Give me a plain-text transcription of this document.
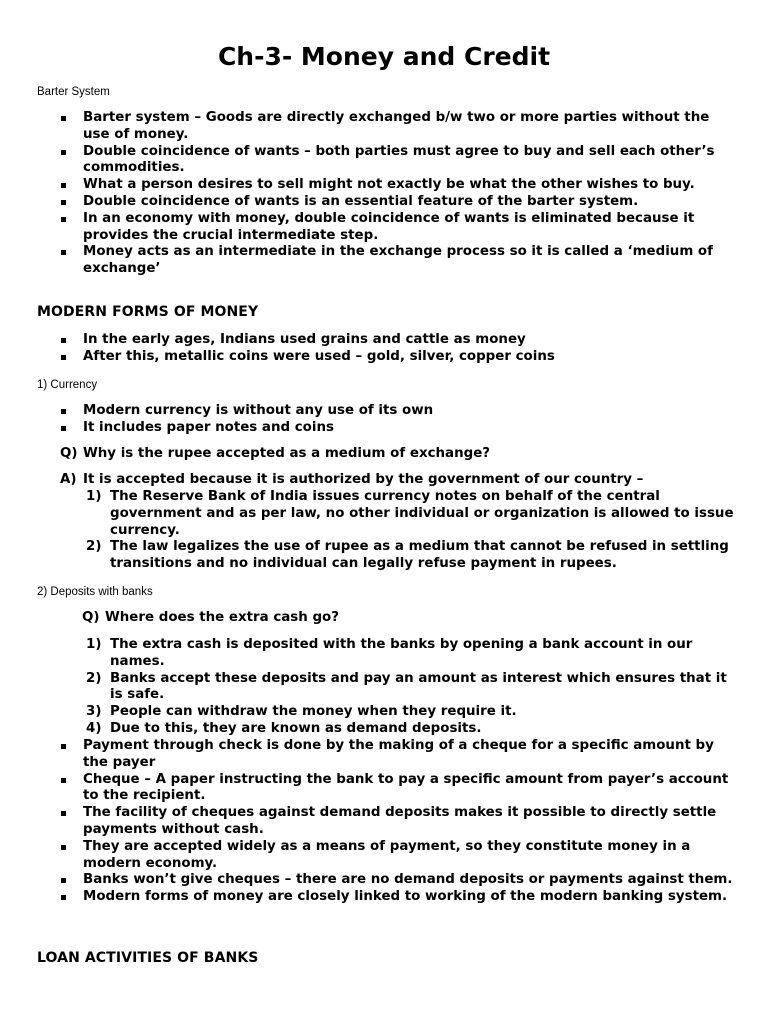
Ch-3- Money and Credit

Barter System

Barter system – Goods are directly exchanged b/w two or more parties without the use of money.
Double coincidence of wants – both parties must agree to buy and sell each other’s commodities.
What a person desires to sell might not exactly be what the other wishes to buy.
Double coincidence of wants is an essential feature of the barter system.
In an economy with money, double coincidence of wants is eliminated because it provides the crucial intermediate step.
Money acts as an intermediate in the exchange process so it is called a ‘medium of exchange’

MODERN FORMS OF MONEY

In the early ages, Indians used grains and cattle as money
After this, metallic coins were used – gold, silver, copper coins

1) Currency

Modern currency is without any use of its own
It includes paper notes and coins

Q) Why is the rupee accepted as a medium of exchange?

A) It is accepted because it is authorized by the government of our country –

1) The Reserve Bank of India issues currency notes on behalf of the central government and as per law, no other individual or organization is allowed to issue currency.
2) The law legalizes the use of rupee as a medium that cannot be refused in settling transitions and no individual can legally refuse payment in rupees.

2) Deposits with banks

Q) Where does the extra cash go?

1) The extra cash is deposited with the banks by opening a bank account in our names.
2) Banks accept these deposits and pay an amount as interest which ensures that it is safe.
3) People can withdraw the money when they require it.
4) Due to this, they are known as demand deposits.
Payment through check is done by the making of a cheque for a specific amount by the payer
Cheque – A paper instructing the bank to pay a specific amount from payer’s account to the recipient.
The facility of cheques against demand deposits makes it possible to directly settle payments without cash.
They are accepted widely as a means of payment, so they constitute money in a modern economy.
Banks won’t give cheques – there are no demand deposits or payments against them.
Modern forms of money are closely linked to working of the modern banking system.

LOAN ACTIVITIES OF BANKS
